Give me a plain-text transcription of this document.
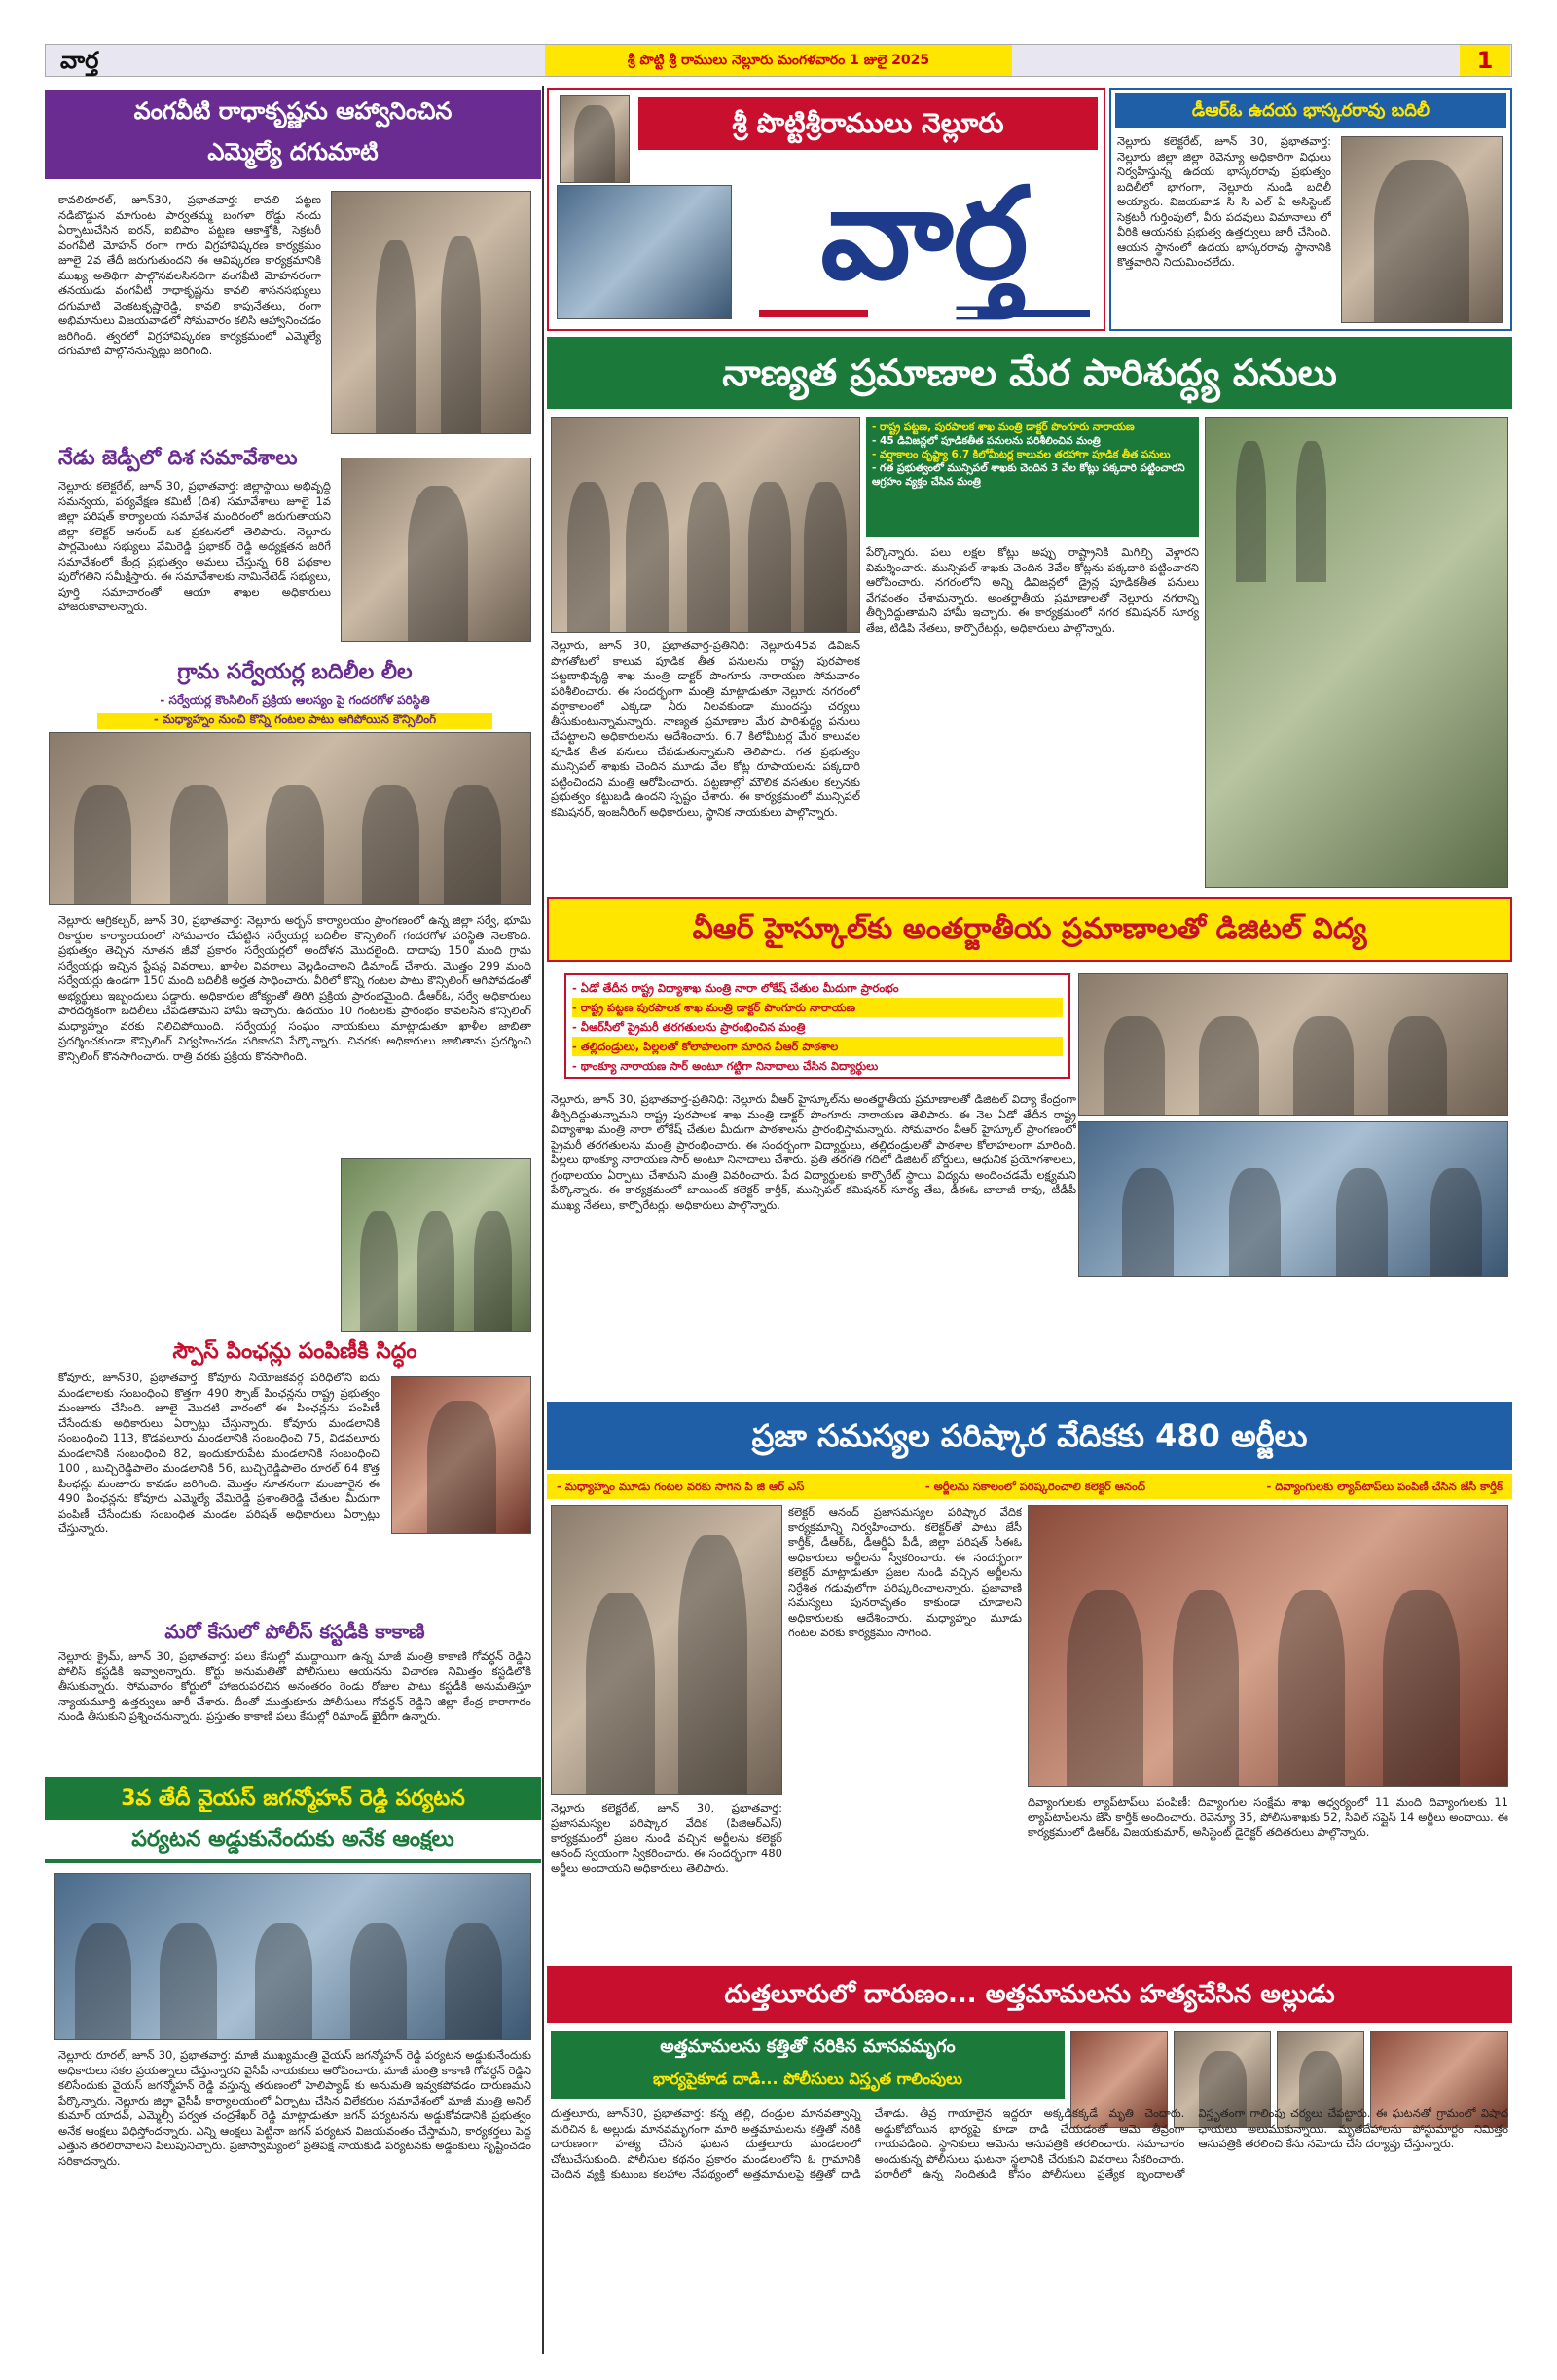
వార్త	శ్రీ పొట్టి శ్రీ రాములు నెల్లూరు మంగళవారం 1 జులై 2025	1
వంగవీటి రాధాకృష్ణను ఆహ్వానించిన
ఎమ్మెల్యే దగుమాటి
కావలిరూరల్, జూన్30, ప్రభాతవార్త: కావలి పట్టణ నడిబొడ్డున మాగుంట పార్వతమ్మ బంగళా రోడ్డు నందు ఏర్పాటుచేసిన ఐరన్, ఐబిపాం పట్టణ ఆకాశ్తోకి, సెక్రటరీ వంగవీటి మోహన్ రంగా గారు విగ్రహావిష్కరణ కార్యక్రమం జూలై 2వ తేదీ జరుగుతుందని ఈ ఆవిష్కరణ కార్యక్రమానికి ముఖ్య అతిథిగా పాల్గొనవలసినదిగా వంగవీటి మోహనరంగా తనయుడు వంగవీటి రాధాకృష్ణను కావలి శాసనసభ్యులు దగుమాటి వెంకటకృష్ణారెడ్డి, కావలి కాపునేతలు, రంగా అభిమానులు విజయవాడలో సోమవారం కలిసి ఆహ్వానించడం జరిగింది. త్వరలో విగ్రహావిష్కరణ కార్యక్రమంలో ఎమ్మెల్యే దగుమాటి పాల్గొననున్నట్లు జరిగింది.
నేడు జెడ్పీలో దిశ సమావేశాలు
నెల్లూరు కలెక్టరేట్, జూన్ 30, ప్రభాతవార్త: జిల్లాస్థాయి అభివృద్ధి సమన్వయ, పర్యవేక్షణ కమిటీ (దిశ) సమావేశాలు జూలై 1వ జిల్లా పరిషత్ కార్యాలయ సమావేశ మందిరంలో జరుగుతాయని జిల్లా కలెక్టర్ ఆనంద్ ఒక ప్రకటనలో తెలిపారు. నెల్లూరు పార్లమెంటు సభ్యులు వేమిరెడ్డి ప్రభాకర్ రెడ్డి అధ్యక్షతన జరిగే సమావేశంలో కేంద్ర ప్రభుత్వం అమలు చేస్తున్న 68 పథకాల పురోగతిని సమీక్షిస్తారు. ఈ సమావేశాలకు నామినేటెడ్ సభ్యులు, పూర్తి సమాచారంతో ఆయా శాఖల అధికారులు హాజరుకావాలన్నారు.
గ్రామ సర్వేయర్ల బదిలీల లీల
- సర్వేయర్ల కౌంసిలింగ్ ప్రక్రియ ఆలస్యం పై గందరగోళ పరిస్థితి
- మధ్యాహ్నం నుంచి కొన్ని గంటల పాటు ఆగిపోయిన కౌన్సిలింగ్
నెల్లూరు ఆగ్రికల్చర్, జూన్ 30, ప్రభాతవార్త: నెల్లూరు అర్బన్ కార్యాలయం ప్రాంగణంలో ఉన్న జిల్లా సర్వే, భూమి రికార్డుల కార్యాలయంలో సోమవారం చేపట్టిన సర్వేయర్ల బదిలీల కౌన్సిలింగ్ గందరగోళ పరిస్థితి నెలకొంది. ప్రభుత్వం తెచ్చిన నూతన జీవో ప్రకారం సర్వేయర్లలో అందోళన మొదలైంది. దాదాపు 150 మంది గ్రామ సర్వేయర్లు ఇచ్చిన స్టేషన్ల వివరాలు, ఖాళీల వివరాలు వెల్లడించాలని డిమాండ్ చేశారు. మొత్తం 299 మంది సర్వేయర్లు ఉండగా 150 మంది బదిలీకి అర్హత సాధించారు. వీరిలో కొన్ని గంటల పాటు కౌన్సిలింగ్ ఆగిపోవడంతో అభ్యర్థులు ఇబ్బందులు పడ్డారు. అధికారుల జోక్యంతో తిరిగి ప్రక్రియ ప్రారంభమైంది. డీఆర్ఓ, సర్వే అధికారులు పారదర్శకంగా బదిలీలు చేపడతామని హామీ ఇచ్చారు. ఉదయం 10 గంటలకు ప్రారంభం కావలసిన కౌన్సిలింగ్ మధ్యాహ్నం వరకు నిలిచిపోయింది. సర్వేయర్ల సంఘం నాయకులు మాట్లాడుతూ ఖాళీల జాబితా ప్రదర్శించకుండా కౌన్సిలింగ్ నిర్వహించడం సరికాదని పేర్కొన్నారు. చివరకు అధికారులు జాబితాను ప్రదర్శించి కౌన్సిలింగ్ కొనసాగించారు. రాత్రి వరకు ప్రక్రియ కొనసాగింది.
స్పౌస్ పింఛన్లు పంపిణీకి సిద్ధం
కోవూరు, జూన్30, ప్రభాతవార్త: కోవూరు నియోజకవర్గ పరిధిలోని ఐదు మండలాలకు సంబంధించి కొత్తగా 490 స్పౌజ్ పింఛన్లను రాష్ట్ర ప్రభుత్వం మంజూరు చేసింది. జూలై మొదటి వారంలో ఈ పింఛన్లను పంపిణీ చేసేందుకు అధికారులు ఏర్పాట్లు చేస్తున్నారు. కోవూరు మండలానికి సంబంధించి 113, కొడవలూరు మండలానికి సంబంధించి 75, విడవలూరు మండలానికి సంబంధించి 82, ఇందుకూరుపేట మండలానికి సంబంధించి 100 , బుచ్చిరెడ్డిపాలెం మండలానికి 56, బుచ్చిరెడ్డిపాలెం రూరల్ 64 కొత్త పింఛన్లు మంజూరు కావడం జరిగింది. మొత్తం నూతనంగా మంజూరైన ఈ 490 పింఛన్లను కోవూరు ఎమ్మెల్యే వేమిరెడ్డి ప్రశాంతిరెడ్డి చేతుల మీదుగా పంపిణీ చేసేందుకు సంబంధిత మండల పరిషత్ అధికారులు ఏర్పాట్లు చేస్తున్నారు.
మరో కేసులో పోలీస్ కస్టడీకి కాకాణి
నెల్లూరు క్రైమ్, జూన్ 30, ప్రభాతవార్త: పలు కేసుల్లో ముద్దాయిగా ఉన్న మాజీ మంత్రి కాకాణి గోవర్ధన్ రెడ్డిని పోలీస్ కస్టడీకి ఇవ్వాలన్నారు. కోర్టు అనుమతితో పోలీసులు ఆయనను విచారణ నిమిత్తం కస్టడీలోకి తీసుకున్నారు. సోమవారం కోర్టులో హాజరుపరచిన అనంతరం రెండు రోజుల పాటు కస్టడీకి అనుమతిస్తూ న్యాయమూర్తి ఉత్తర్వులు జారీ చేశారు. దీంతో ముత్తుకూరు పోలీసులు గోవర్ధన్ రెడ్డిని జిల్లా కేంద్ర కారాగారం నుండి తీసుకుని ప్రశ్నించనున్నారు. ప్రస్తుతం కాకాణి పలు కేసుల్లో రిమాండ్ ఖైదీగా ఉన్నారు.
3వ తేదీ వైయస్ జగన్మోహన్ రెడ్డి పర్యటన
పర్యటన అడ్డుకునేందుకు అనేక ఆంక్షలు
నెల్లూరు రూరల్, జూన్ 30, ప్రభాతవార్త: మాజీ ముఖ్యమంత్రి వైయస్ జగన్మోహన్ రెడ్డి పర్యటన అడ్డుకునేందుకు అధికారులు సకల ప్రయత్నాలు చేస్తున్నారని వైసీపీ నాయకులు ఆరోపించారు. మాజీ మంత్రి కాకాణి గోవర్ధన్ రెడ్డిని కలిసేందుకు వైయస్ జగన్మోహన్ రెడ్డి వస్తున్న తరుణంలో హెలిప్యాడ్ కు అనుమతి ఇవ్వకపోవడం దారుణమని పేర్కొన్నారు. నెల్లూరు జిల్లా వైసీపీ కార్యాలయంలో ఏర్పాటు చేసిన విలేకరుల సమావేశంలో మాజీ మంత్రి అనిల్ కుమార్ యాదవ్, ఎమ్మెల్సీ పర్వత చంద్రశేఖర్ రెడ్డి మాట్లాడుతూ జగన్ పర్యటనను అడ్డుకోవడానికి ప్రభుత్వం అనేక ఆంక్షలు విధిస్తోందన్నారు. ఎన్ని ఆంక్షలు పెట్టినా జగన్ పర్యటన విజయవంతం చేస్తామని, కార్యకర్తలు పెద్ద ఎత్తున తరలిరావాలని పిలుపునిచ్చారు. ప్రజాస్వామ్యంలో ప్రతిపక్ష నాయకుడి పర్యటనకు అడ్డంకులు సృష్టించడం సరికాదన్నారు.
శ్రీ పొట్టిశ్రీరాములు నెల్లూరు
వార్త
డీఆర్ఓ ఉదయ భాస్కరరావు బదిలీ
నెల్లూరు కలెక్టరేట్, జూన్ 30, ప్రభాతవార్త: నెల్లూరు జిల్లా జిల్లా రెవెన్యూ అధికారిగా విధులు నిర్వహిస్తున్న ఉదయ భాస్కరరావు ప్రభుత్వం బదిలీలో భాగంగా, నెల్లూరు నుండి బదిలీ అయ్యారు. విజయవాడ సి సి ఎల్ ఏ అసిస్టెంట్ సెక్రటరీ గుర్తింపులో, వీరు పదవులు విమానాలు లో వీరికి ఆయనకు ప్రభుత్వ ఉత్తర్వులు జారీ చేసింది. ఆయన స్థానంలో ఉదయ భాస్కరరావు స్థానానికి కొత్తవారిని నియమించలేదు.
నాణ్యత ప్రమాణాల మేర పారిశుద్ధ్య పనులు
- రాష్ట్ర పట్టణ, పురపాలక శాఖ మంత్రి డాక్టర్ పొంగూరు నారాయణ
- 45 డివిజన్లలో పూడికతీత పనులను పరిశీలించిన మంత్రి
- వర్షాకాలం దృష్ట్యా 6.7 కిలోమీటర్ల కాలువల తరహాగా పూడిక తీత పనులు
- గత ప్రభుత్వంలో మున్సిపల్ శాఖకు చెందిన 3 వేల కోట్లు పక్కదారి పట్టించారని ఆగ్రహం వ్యక్తం చేసిన మంత్రి
నెల్లూరు, జూన్ 30, ప్రభాతవార్త-ప్రతినిధి: నెల్లూరు45వ డివిజన్ పొగతోటలో కాలువ పూడిక తీత పనులను రాష్ట్ర పురపాలక పట్టణాభివృద్ధి శాఖ మంత్రి డాక్టర్ పొంగూరు నారాయణ సోమవారం పరిశీలించారు. ఈ సందర్భంగా మంత్రి మాట్లాడుతూ నెల్లూరు నగరంలో వర్షాకాలంలో ఎక్కడా నీరు నిలవకుండా ముందస్తు చర్యలు తీసుకుంటున్నామన్నారు. నాణ్యత ప్రమాణాల మేర పారిశుద్ధ్య పనులు చేపట్టాలని అధికారులను ఆదేశించారు. 6.7 కిలోమీటర్ల మేర కాలువల పూడిక తీత పనులు చేపడుతున్నామని తెలిపారు. గత ప్రభుత్వం మున్సిపల్ శాఖకు చెందిన మూడు వేల కోట్ల రూపాయలను పక్కదారి పట్టించిందని మంత్రి ఆరోపించారు. పట్టణాల్లో మౌలిక వసతుల కల్పనకు ప్రభుత్వం కట్టుబడి ఉందని స్పష్టం చేశారు. ఈ కార్యక్రమంలో మున్సిపల్ కమిషనర్, ఇంజనీరింగ్ అధికారులు, స్థానిక నాయకులు పాల్గొన్నారు.
పేర్కొన్నారు. పలు లక్షల కోట్లు అప్పు రాష్ట్రానికి మిగిల్చి వెళ్లారని విమర్శించారు. మున్సిపల్ శాఖకు చెందిన 3వేల కోట్లను పక్కదారి పట్టించారని ఆరోపించారు. నగరంలోని అన్ని డివిజన్లలో డ్రైన్ల పూడికతీత పనులు వేగవంతం చేశామన్నారు. అంతర్జాతీయ ప్రమాణాలతో నెల్లూరు నగరాన్ని తీర్చిదిద్దుతామని హామీ ఇచ్చారు. ఈ కార్యక్రమంలో నగర కమిషనర్ సూర్య తేజ, టిడిపి నేతలు, కార్పొరేటర్లు, అధికారులు పాల్గొన్నారు.
వీఆర్ హైస్కూల్‌కు అంతర్జాతీయ ప్రమాణాలతో డిజిటల్ విద్య
- ఏడో తేదీన రాష్ట్ర విద్యాశాఖ మంత్రి నారా లోకేష్ చేతుల మీదుగా ప్రారంభం
- రాష్ట్ర పట్టణ పురపాలక శాఖ మంత్రి డాక్టర్ పొంగూరు నారాయణ
- వీఆర్‌సీలో ప్రైమరీ తరగతులను ప్రారంభించిన మంత్రి
- తల్లిదండ్రులు, పిల్లలతో కోలాహలంగా మారిన వీఆర్ పాఠశాల
- థాంక్యూ నారాయణ సార్ అంటూ గట్టిగా నినాదాలు చేసిన విద్యార్థులు
నెల్లూరు, జూన్ 30, ప్రభాతవార్త-ప్రతినిధి: నెల్లూరు వీఆర్ హైస్కూల్‌ను అంతర్జాతీయ ప్రమాణాలతో డిజిటల్ విద్యా కేంద్రంగా తీర్చిదిద్దుతున్నామని రాష్ట్ర పురపాలక శాఖ మంత్రి డాక్టర్ పొంగూరు నారాయణ తెలిపారు. ఈ నెల ఏడో తేదీన రాష్ట్ర విద్యాశాఖ మంత్రి నారా లోకేష్ చేతుల మీదుగా పాఠశాలను ప్రారంభిస్తామన్నారు. సోమవారం వీఆర్ హైస్కూల్ ప్రాంగణంలో ప్రైమరీ తరగతులను మంత్రి ప్రారంభించారు. ఈ సందర్భంగా విద్యార్థులు, తల్లిదండ్రులతో పాఠశాల కోలాహలంగా మారింది. పిల్లలు థాంక్యూ నారాయణ సార్ అంటూ నినాదాలు చేశారు. ప్రతి తరగతి గదిలో డిజిటల్ బోర్డులు, ఆధునిక ప్రయోగశాలలు, గ్రంథాలయం ఏర్పాటు చేశామని మంత్రి వివరించారు. పేద విద్యార్థులకు కార్పొరేట్ స్థాయి విద్యను అందించడమే లక్ష్యమని పేర్కొన్నారు. ఈ కార్యక్రమంలో జాయింట్ కలెక్టర్ కార్తీక్, మున్సిపల్ కమిషనర్ సూర్య తేజ, డీఈఓ బాలాజీ రావు, టీడీపీ ముఖ్య నేతలు, కార్పొరేటర్లు, అధికారులు పాల్గొన్నారు.
ప్రజా సమస్యల పరిష్కార వేదికకు 480 అర్జీలు
- మధ్యాహ్నం మూడు గంటల వరకు సాగిన పి జి ఆర్ ఎస్	- అర్జీలను సకాలంలో పరిష్కరించాలి కలెక్టర్ ఆనంద్	- దివ్యాంగులకు ల్యాప్‌టాప్‌లు పంపిణీ చేసిన జేసీ కార్తీక్
నెల్లూరు కలెక్టరేట్, జూన్ 30, ప్రభాతవార్త: ప్రజాసమస్యల పరిష్కార వేదిక (పిజిఆర్ఎస్) కార్యక్రమంలో ప్రజల నుండి వచ్చిన అర్జీలను కలెక్టర్ ఆనంద్ స్వయంగా స్వీకరించారు. ఈ సందర్భంగా 480 అర్జీలు అందాయని అధికారులు తెలిపారు.
కలెక్టర్ ఆనంద్ ప్రజాసమస్యల పరిష్కార వేదిక కార్యక్రమాన్ని నిర్వహించారు. కలెక్టర్‌తో పాటు జేసీ కార్తీక్, డీఆర్ఓ, డీఆర్డీఏ పీడీ, జిల్లా పరిషత్ సీఈఓ అధికారులు అర్జీలను స్వీకరించారు. ఈ సందర్భంగా కలెక్టర్ మాట్లాడుతూ ప్రజల నుండి వచ్చిన అర్జీలను నిర్దేశిత గడువులోగా పరిష్కరించాలన్నారు. ప్రజావాణి సమస్యలు పునరావృతం కాకుండా చూడాలని అధికారులకు ఆదేశించారు. మధ్యాహ్నం మూడు గంటల వరకు కార్యక్రమం సాగింది.
దివ్యాంగులకు ల్యాప్‌టాప్‌లు పంపిణీ: దివ్యాంగుల సంక్షేమ శాఖ ఆధ్వర్యంలో 11 మంది దివ్యాంగులకు 11 ల్యాప్‌టాప్‌లను జేసీ కార్తీక్ అందించారు. రెవెన్యూ 35, పోలీసుశాఖకు 52, సివిల్ సప్లైస్ 14 అర్జీలు అందాయి. ఈ కార్యక్రమంలో డిఆర్ఓ విజయకుమార్, అసిస్టెంట్ డైరెక్టర్ తదితరులు పాల్గొన్నారు.
దుత్తలూరులో దారుణం... అత్తమామలను హత్యచేసిన అల్లుడు
అత్తమామలను కత్తితో నరికిన మానవమృగం
భార్యపైకూడ దాడి... పోలీసులు విస్తృత గాలింపులు
దుత్తలూరు, జూన్30, ప్రభాతవార్త: కన్న తల్లి, దండ్రుల మానవత్వాన్ని మరిచిన ఓ అల్లుడు మానవమృగంగా మారి అత్తమామలను కత్తితో నరికి దారుణంగా హత్య చేసిన ఘటన దుత్తలూరు మండలంలో చోటుచేసుకుంది. పోలీసుల కథనం ప్రకారం మండలంలోని ఓ గ్రామానికి చెందిన వ్యక్తి కుటుంబ కలహాల నేపథ్యంలో అత్తమామలపై కత్తితో దాడి చేశాడు. తీవ్ర గాయాలైన ఇద్దరూ అక్కడికక్కడే మృతి చెందారు. అడ్డుకోబోయిన భార్యపై కూడా దాడి చేయడంతో ఆమె తీవ్రంగా గాయపడింది. స్థానికులు ఆమెను ఆసుపత్రికి తరలించారు. సమాచారం అందుకున్న పోలీసులు ఘటనా స్థలానికి చేరుకుని వివరాలు సేకరించారు. పరారీలో ఉన్న నిందితుడి కోసం పోలీసులు ప్రత్యేక బృందాలతో విస్తృతంగా గాలింపు చర్యలు చేపట్టారు. ఈ ఘటనతో గ్రామంలో విషాద ఛాయలు అలుముకున్నాయి. మృతదేహాలను పోస్టుమార్టం నిమిత్తం ఆసుపత్రికి తరలించి కేసు నమోదు చేసి దర్యాప్తు చేస్తున్నారు.
